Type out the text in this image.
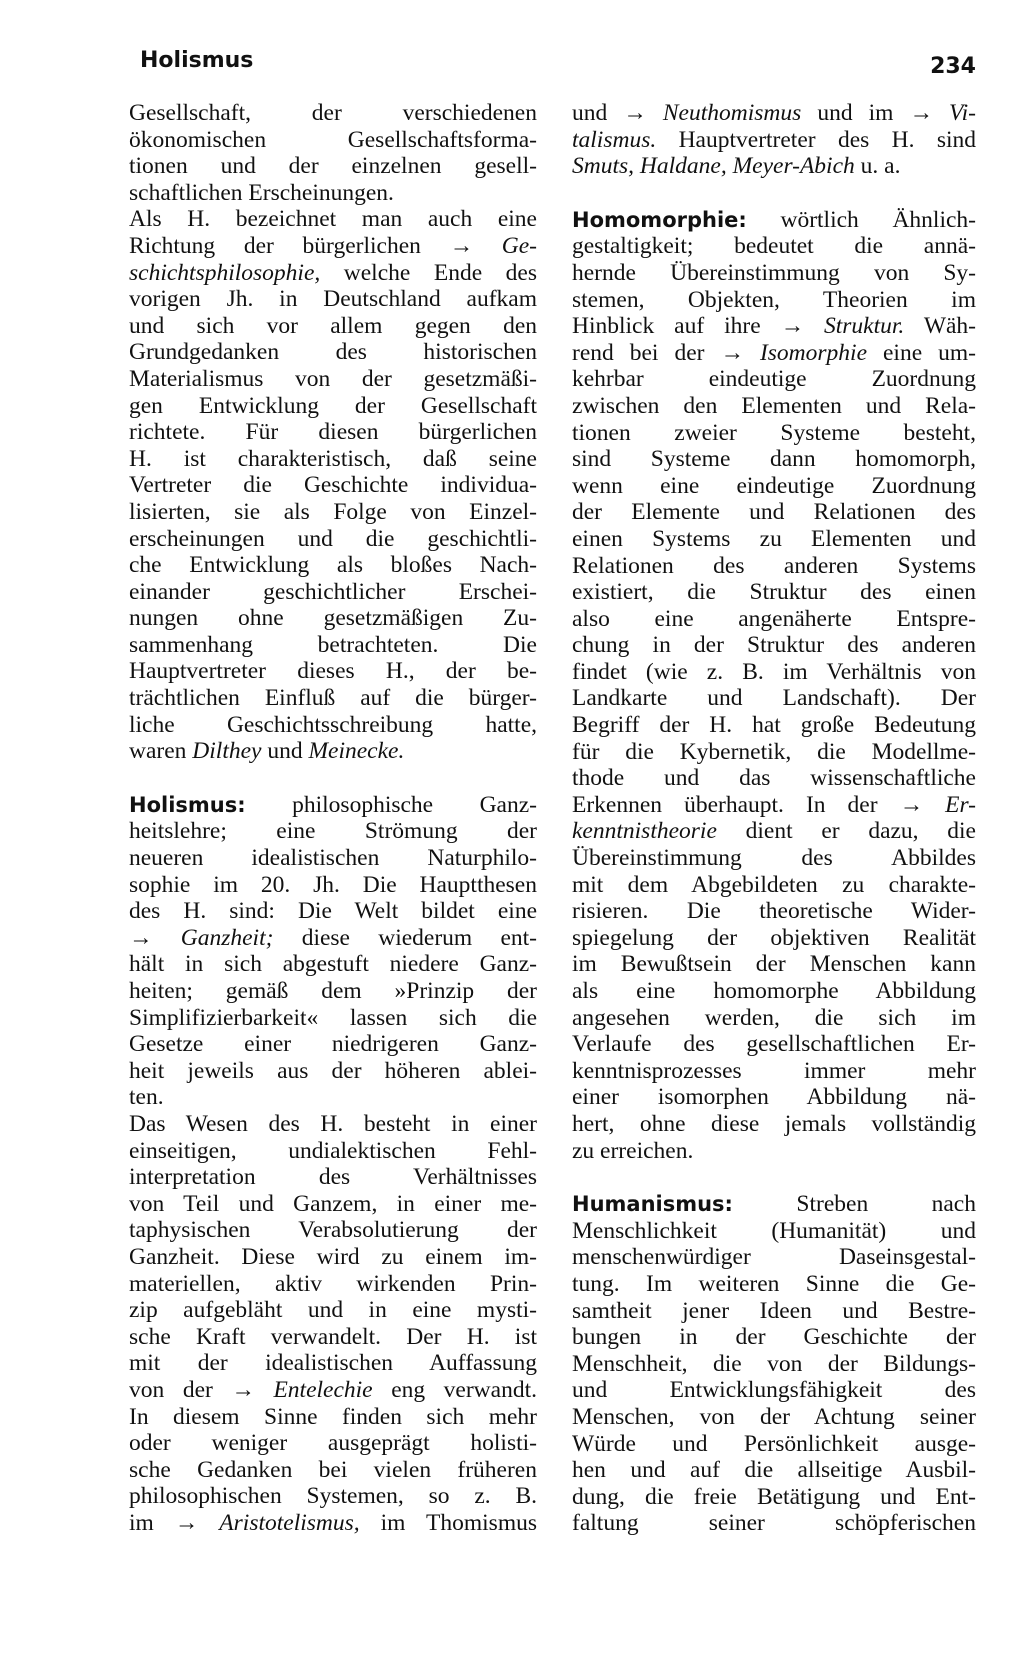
Holismus	234
Gesellschaft, der verschiedenen
ökonomischen Gesellschaftsforma-
tionen und der einzelnen gesell-
schaftlichen Erscheinungen.
Als H. bezeichnet man auch eine
Richtung der bürgerlichen → Ge-
schichtsphilosophie, welche Ende des
vorigen Jh. in Deutschland aufkam
und sich vor allem gegen den
Grundgedanken des historischen
Materialismus von der gesetzmäßi-
gen Entwicklung der Gesellschaft
richtete. Für diesen bürgerlichen
H. ist charakteristisch, daß seine
Vertreter die Geschichte individua-
lisierten, sie als Folge von Einzel-
erscheinungen und die geschichtli-
che Entwicklung als bloßes Nach-
einander geschichtlicher Erschei-
nungen ohne gesetzmäßigen Zu-
sammenhang betrachteten. Die
Hauptvertreter dieses H., der be-
trächtlichen Einfluß auf die bürger-
liche Geschichtsschreibung hatte,
waren Dilthey und Meinecke.
Holismus: philosophische Ganz-
heitslehre; eine Strömung der
neueren idealistischen Naturphilo-
sophie im 20. Jh. Die Hauptthesen
des H. sind: Die Welt bildet eine
→ Ganzheit; diese wiederum ent-
hält in sich abgestuft niedere Ganz-
heiten; gemäß dem »Prinzip der
Simplifizierbarkeit« lassen sich die
Gesetze einer niedrigeren Ganz-
heit jeweils aus der höheren ablei-
ten.
Das Wesen des H. besteht in einer
einseitigen, undialektischen Fehl-
interpretation des Verhältnisses
von Teil und Ganzem, in einer me-
taphysischen Verabsolutierung der
Ganzheit. Diese wird zu einem im-
materiellen, aktiv wirkenden Prin-
zip aufgebläht und in eine mysti-
sche Kraft verwandelt. Der H. ist
mit der idealistischen Auffassung
von der → Entelechie eng verwandt.
In diesem Sinne finden sich mehr
oder weniger ausgeprägt holisti-
sche Gedanken bei vielen früheren
philosophischen Systemen, so z. B.
im → Aristotelismus, im Thomismus
und → Neuthomismus und im → Vi-
talismus. Hauptvertreter des H. sind
Smuts, Haldane, Meyer-Abich u. a.
Homomorphie: wörtlich Ähnlich-
gestaltigkeit; bedeutet die annä-
hernde Übereinstimmung von Sy-
stemen, Objekten, Theorien im
Hinblick auf ihre → Struktur. Wäh-
rend bei der → Isomorphie eine um-
kehrbar eindeutige Zuordnung
zwischen den Elementen und Rela-
tionen zweier Systeme besteht,
sind Systeme dann homomorph,
wenn eine eindeutige Zuordnung
der Elemente und Relationen des
einen Systems zu Elementen und
Relationen des anderen Systems
existiert, die Struktur des einen
also eine angenäherte Entspre-
chung in der Struktur des anderen
findet (wie z. B. im Verhältnis von
Landkarte und Landschaft). Der
Begriff der H. hat große Bedeutung
für die Kybernetik, die Modellme-
thode und das wissenschaftliche
Erkennen überhaupt. In der → Er-
kenntnistheorie dient er dazu, die
Übereinstimmung des Abbildes
mit dem Abgebildeten zu charakte-
risieren. Die theoretische Wider-
spiegelung der objektiven Realität
im Bewußtsein der Menschen kann
als eine homomorphe Abbildung
angesehen werden, die sich im
Verlaufe des gesellschaftlichen Er-
kenntnisprozesses immer mehr
einer isomorphen Abbildung nä-
hert, ohne diese jemals vollständig
zu erreichen.
Humanismus: Streben nach
Menschlichkeit (Humanität) und
menschenwürdiger Daseinsgestal-
tung. Im weiteren Sinne die Ge-
samtheit jener Ideen und Bestre-
bungen in der Geschichte der
Menschheit, die von der Bildungs-
und Entwicklungsfähigkeit des
Menschen, von der Achtung seiner
Würde und Persönlichkeit ausge-
hen und auf die allseitige Ausbil-
dung, die freie Betätigung und Ent-
faltung seiner schöpferischen
